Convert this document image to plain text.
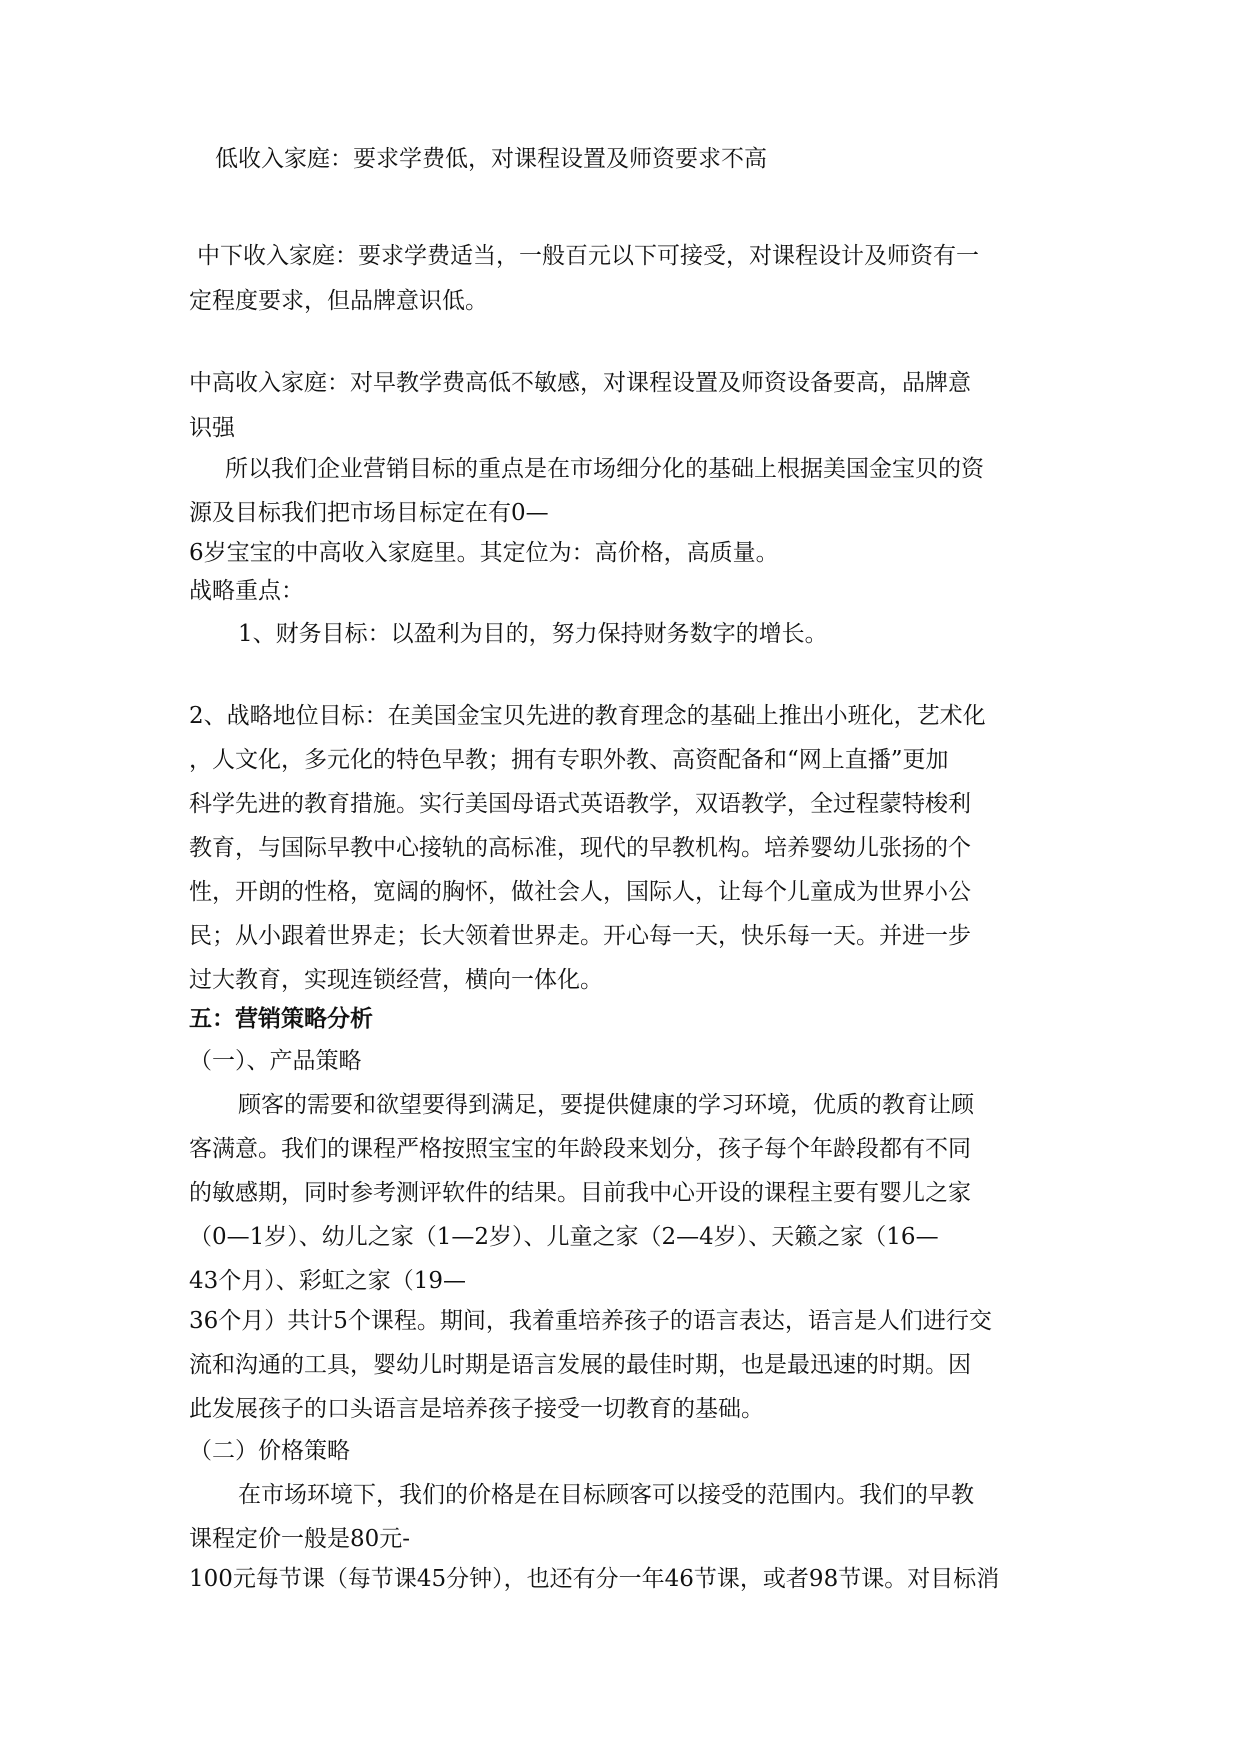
低收入家庭：要求学费低，对课程设置及师资要求不高
中下收入家庭：要求学费适当，一般百元以下可接受，对课程设计及师资有一
定程度要求，但品牌意识低。
中高收入家庭：对早教学费高低不敏感，对课程设置及师资设备要高，品牌意
识强
所以我们企业营销目标的重点是在市场细分化的基础上根据美国金宝贝的资
源及目标我们把市场目标定在有0—
6岁宝宝的中高收入家庭里。其定位为：高价格，高质量。
战略重点：
1、财务目标：以盈利为目的，努力保持财务数字的增长。
2、战略地位目标：在美国金宝贝先进的教育理念的基础上推出小班化，艺术化
，人文化，多元化的特色早教；拥有专职外教、高资配备和“网上直播”更加
科学先进的教育措施。实行美国母语式英语教学，双语教学，全过程蒙特梭利
教育，与国际早教中心接轨的高标准，现代的早教机构。培养婴幼儿张扬的个
性，开朗的性格，宽阔的胸怀，做社会人，国际人，让每个儿童成为世界小公
民；从小跟着世界走；长大领着世界走。开心每一天，快乐每一天。并进一步
过大教育，实现连锁经营，横向一体化。
五：营销策略分析
（一）、产品策略
顾客的需要和欲望要得到满足，要提供健康的学习环境，优质的教育让顾
客满意。我们的课程严格按照宝宝的年龄段来划分，孩子每个年龄段都有不同
的敏感期，同时参考测评软件的结果。目前我中心开设的课程主要有婴儿之家
（0—1岁）、幼儿之家（1—2岁）、儿童之家（2—4岁）、天籁之家（16—
43个月）、彩虹之家（19—
36个月）共计5个课程。期间，我着重培养孩子的语言表达，语言是人们进行交
流和沟通的工具，婴幼儿时期是语言发展的最佳时期，也是最迅速的时期。因
此发展孩子的口头语言是培养孩子接受一切教育的基础。
（二）价格策略
在市场环境下，我们的价格是在目标顾客可以接受的范围内。我们的早教
课程定价一般是80元-
100元每节课（每节课45分钟），也还有分一年46节课，或者98节课。对目标消
